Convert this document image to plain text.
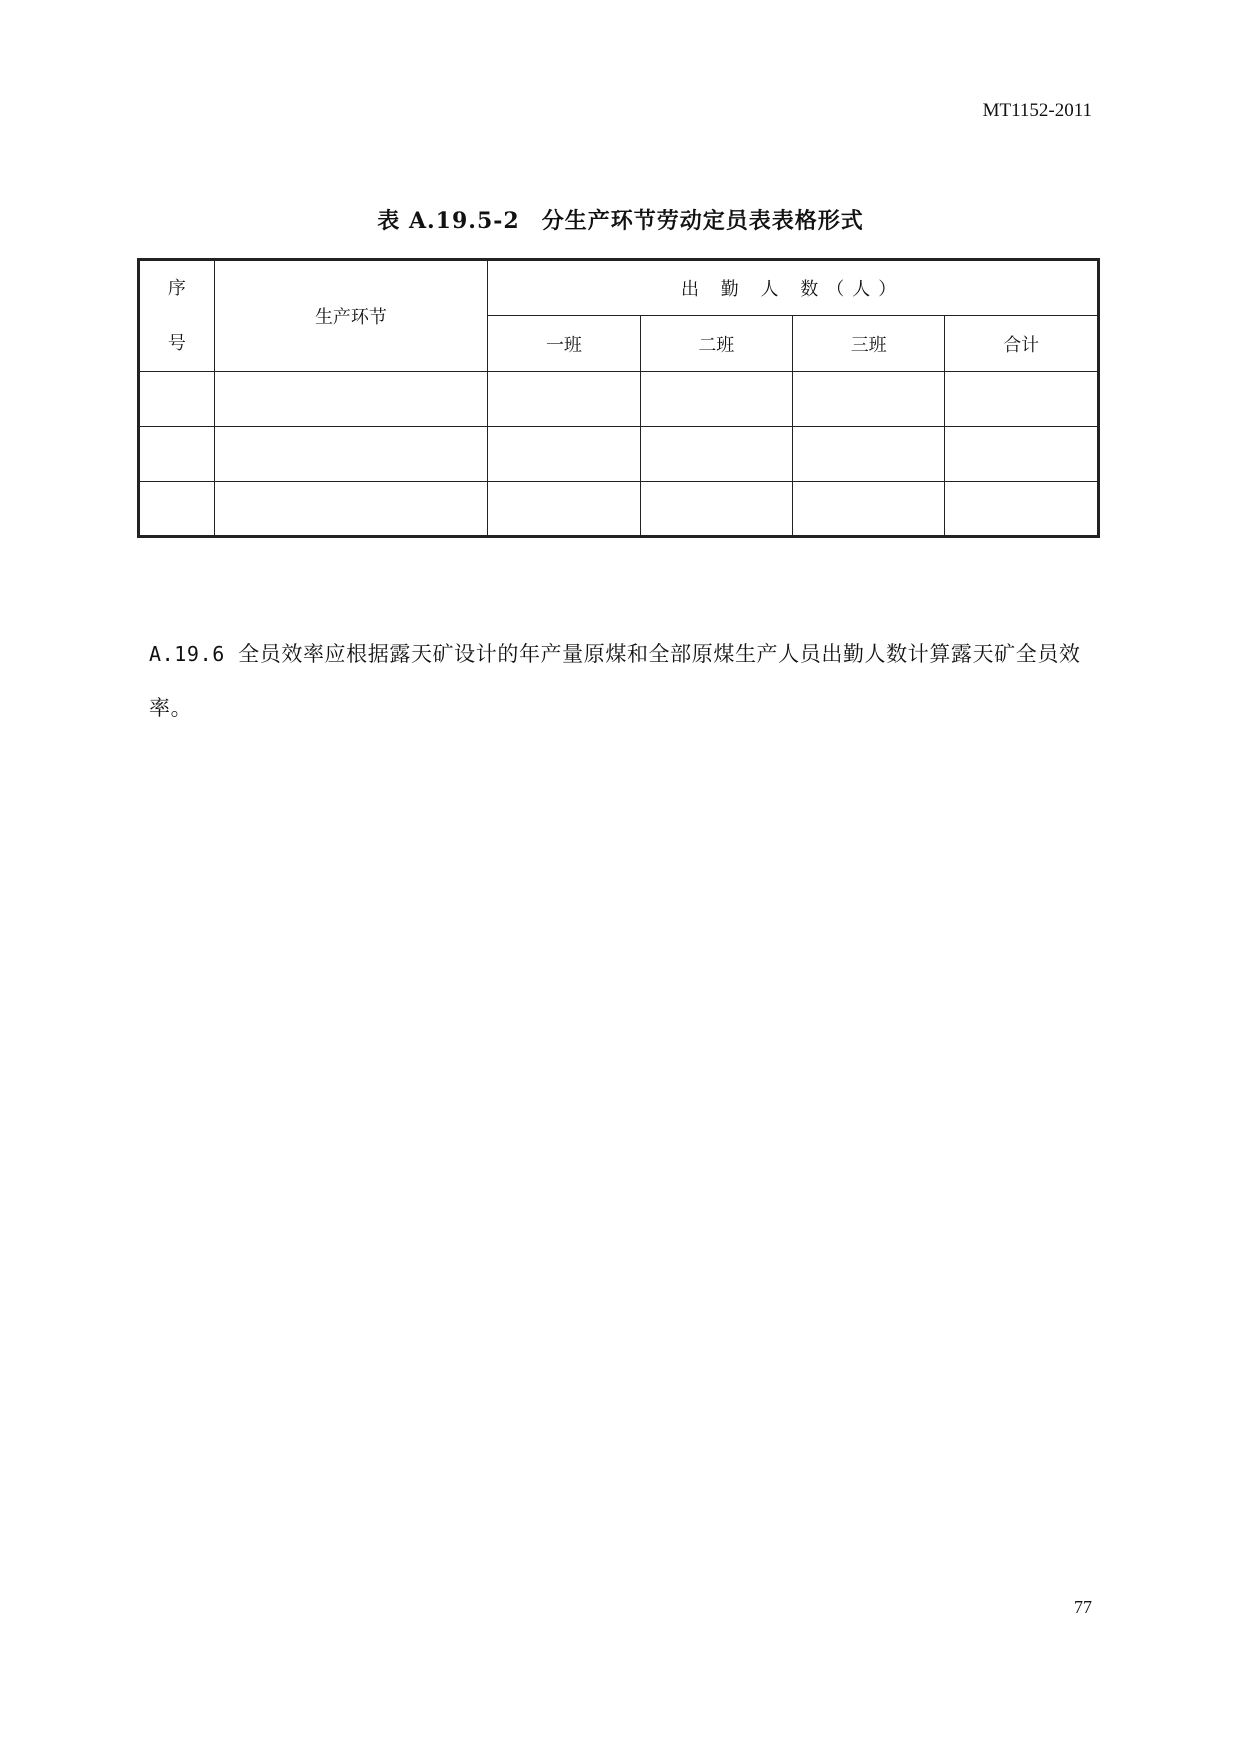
MT1152-2011
表 A.19.5-2 分生产环节劳动定员表表格形式
序
号	生产环节	出 勤 人 数（人）			
		一班	二班	三班	合计

A.19.6 全员效率应根据露天矿设计的年产量原煤和全部原煤生产人员出勤人数计算露天矿全员效率。
77
